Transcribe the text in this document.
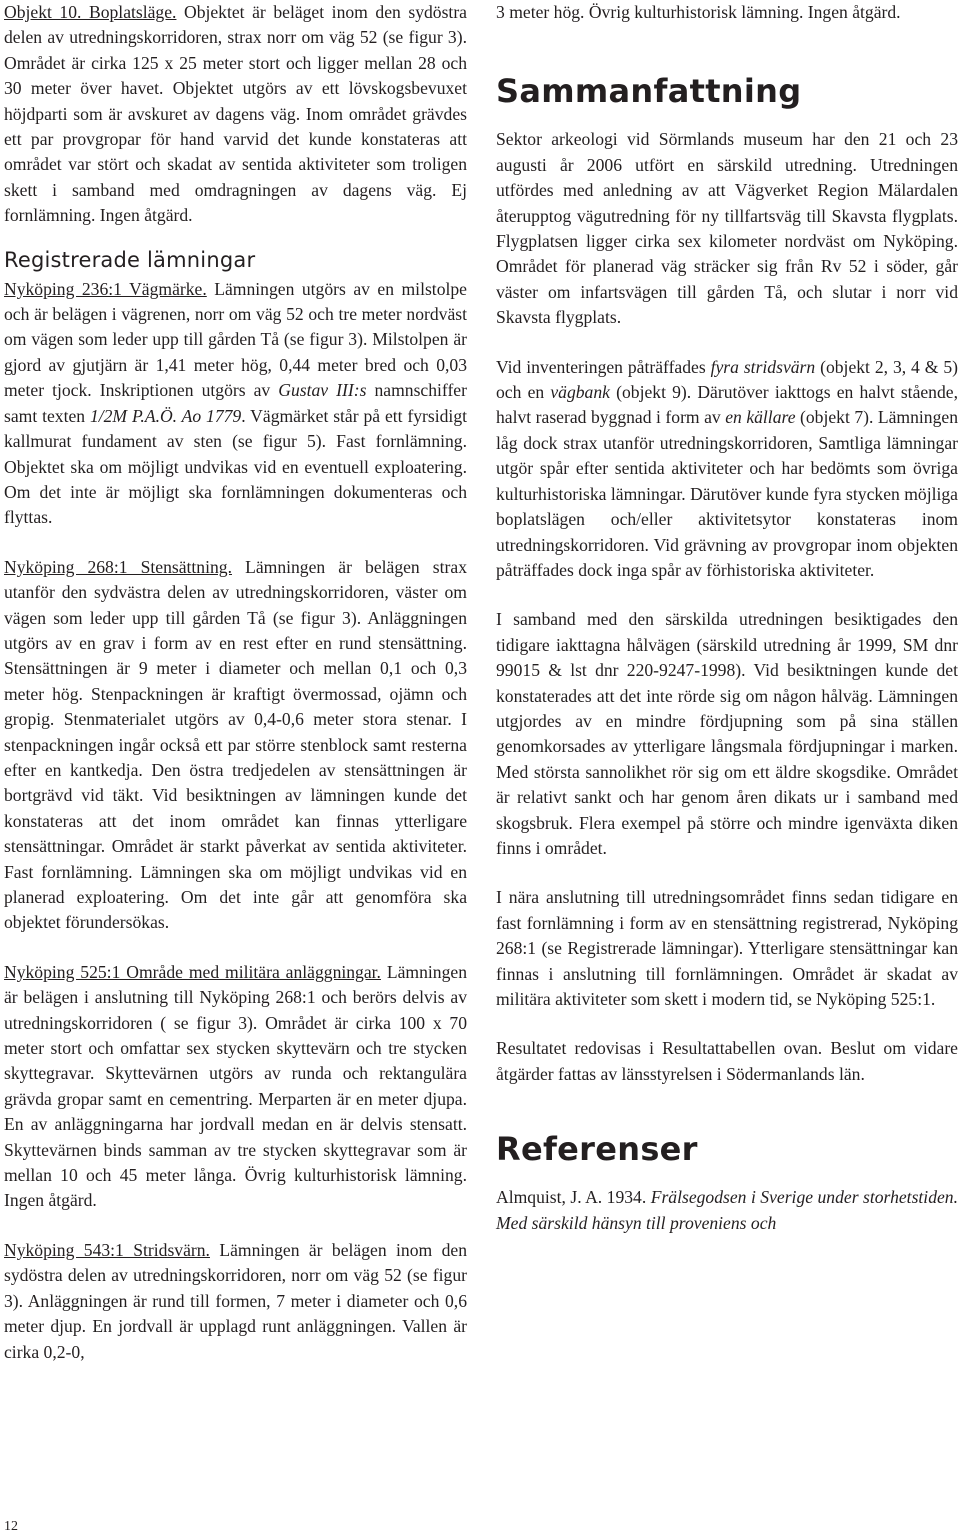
Objekt 10. Boplatsläge. Objektet är beläget inom den sydöstra delen av utredningskorridoren, strax norr om väg 52 (se figur 3). Området är cirka 125 x 25 meter stort och ligger mellan 28 och 30 meter över havet. Objektet utgörs av ett lövskogsbevuxet höjdparti som är avskuret av dagens väg. Inom området grävdes ett par provgropar för hand varvid det kunde konstateras att området var stört och skadat av sentida aktiviteter som troligen skett i samband med omdragningen av dagens väg. Ej fornlämning. Ingen åtgärd.

Registrerade lämningar

Nyköping 236:1 Vägmärke. Lämningen utgörs av en milstolpe och är belägen i vägrenen, norr om väg 52 och tre meter nordväst om vägen som leder upp till gården Tå (se figur 3). Milstolpen är gjord av gjutjärn är 1,41 meter hög, 0,44 meter bred och 0,03 meter tjock. Inskriptionen utgörs av Gustav III:s namnschiffer samt texten 1/2M P.A.Ö. Ao 1779. Vägmärket står på ett fyrsidigt kallmurat fundament av sten (se figur 5). Fast fornlämning. Objektet ska om möjligt undvikas vid en eventuell exploatering. Om det inte är möjligt ska fornlämningen dokumenteras och flyttas.

Nyköping 268:1 Stensättning. Lämningen är belägen strax utanför den sydvästra delen av utredningskorridoren, väster om vägen som leder upp till gården Tå (se figur 3). Anläggningen utgörs av en grav i form av en rest efter en rund stensättning. Stensättningen är 9 meter i diameter och mellan 0,1 och 0,3 meter hög. Stenpackningen är kraftigt övermossad, ojämn och gropig. Stenmaterialet utgörs av 0,4-0,6 meter stora stenar. I stenpackningen ingår också ett par större stenblock samt resterna efter en kantkedja. Den östra tredjedelen av stensättningen är bortgrävd vid täkt. Vid besiktningen av lämningen kunde det konstateras att det inom området kan finnas ytterligare stensättningar. Området är starkt påverkat av sentida aktiviteter. Fast fornlämning. Lämningen ska om möjligt undvikas vid en planerad exploatering. Om det inte går att genomföra ska objektet förundersökas.

Nyköping 525:1 Område med militära anläggningar. Lämningen är belägen i anslutning till Nyköping 268:1 och berörs delvis av utredningskorridoren ( se figur 3). Området är cirka 100 x 70 meter stort och omfattar sex stycken skyttevärn och tre stycken skyttegravar. Skyttevärnen utgörs av runda och rektangulära grävda gropar samt en cementring. Merparten är en meter djupa. En av anläggningarna har jordvall medan en är delvis stensatt. Skyttevärnen binds samman av tre stycken skyttegravar som är mellan 10 och 45 meter långa. Övrig kulturhistorisk lämning. Ingen åtgärd.

Nyköping 543:1 Stridsvärn. Lämningen är belägen inom den sydöstra delen av utredningskorridoren, norr om väg 52 (se figur 3). Anläggningen är rund till formen, 7 meter i diameter och 0,6 meter djup. En jordvall är upplagd runt anläggningen. Vallen är cirka 0,2-0,

3 meter hög. Övrig kulturhistorisk lämning. Ingen åtgärd.

Sammanfattning

Sektor arkeologi vid Sörmlands museum har den 21 och 23 augusti år 2006 utfört en särskild utredning. Utredningen utfördes med anledning av att Vägverket Region Mälardalen återupptog vägutredning för ny tillfartsväg till Skavsta flygplats. Flygplatsen ligger cirka sex kilometer nordväst om Nyköping. Området för planerad väg sträcker sig från Rv 52 i söder, går väster om infartsvägen till gården Tå, och slutar i norr vid Skavsta flygplats.

Vid inventeringen påträffades fyra stridsvärn (objekt 2, 3, 4 & 5) och en vägbank (objekt 9). Därutöver iakttogs en halvt stående, halvt raserad byggnad i form av en källare (objekt 7). Lämningen låg dock strax utanför utredningskorridoren, Samtliga lämningar utgör spår efter sentida aktiviteter och har bedömts som övriga kulturhistoriska lämningar. Därutöver kunde fyra stycken möjliga boplatslägen och/eller aktivitetsytor konstateras inom utredningskorridoren. Vid grävning av provgropar inom objekten påträffades dock inga spår av förhistoriska aktiviteter.

I samband med den särskilda utredningen besiktigades den tidigare iakttagna hålvägen (särskild utredning år 1999, SM dnr 99015 & lst dnr 220-9247-1998). Vid besiktningen kunde det konstaterades att det inte rörde sig om någon hålväg. Lämningen utgjordes av en mindre fördjupning som på sina ställen genomkorsades av ytterligare långsmala fördjupningar i marken. Med största sannolikhet rör sig om ett äldre skogsdike. Området är relativt sankt och har genom åren dikats ur i samband med skogsbruk. Flera exempel på större och mindre igenväxta diken finns i området.

I nära anslutning till utredningsområdet finns sedan tidigare en fast fornlämning i form av en stensättning registrerad, Nyköping 268:1 (se Registrerade lämningar). Ytterligare stensättningar kan finnas i anslutning till fornlämningen. Området är skadat av militära aktiviteter som skett i modern tid, se Nyköping 525:1.

Resultatet redovisas i Resultattabellen ovan. Beslut om vidare åtgärder fattas av länsstyrelsen i Södermanlands län.

Referenser

Almquist, J. A. 1934. Frälsegodsen i Sverige under storhetstiden. Med särskild hänsyn till proveniens och

12
